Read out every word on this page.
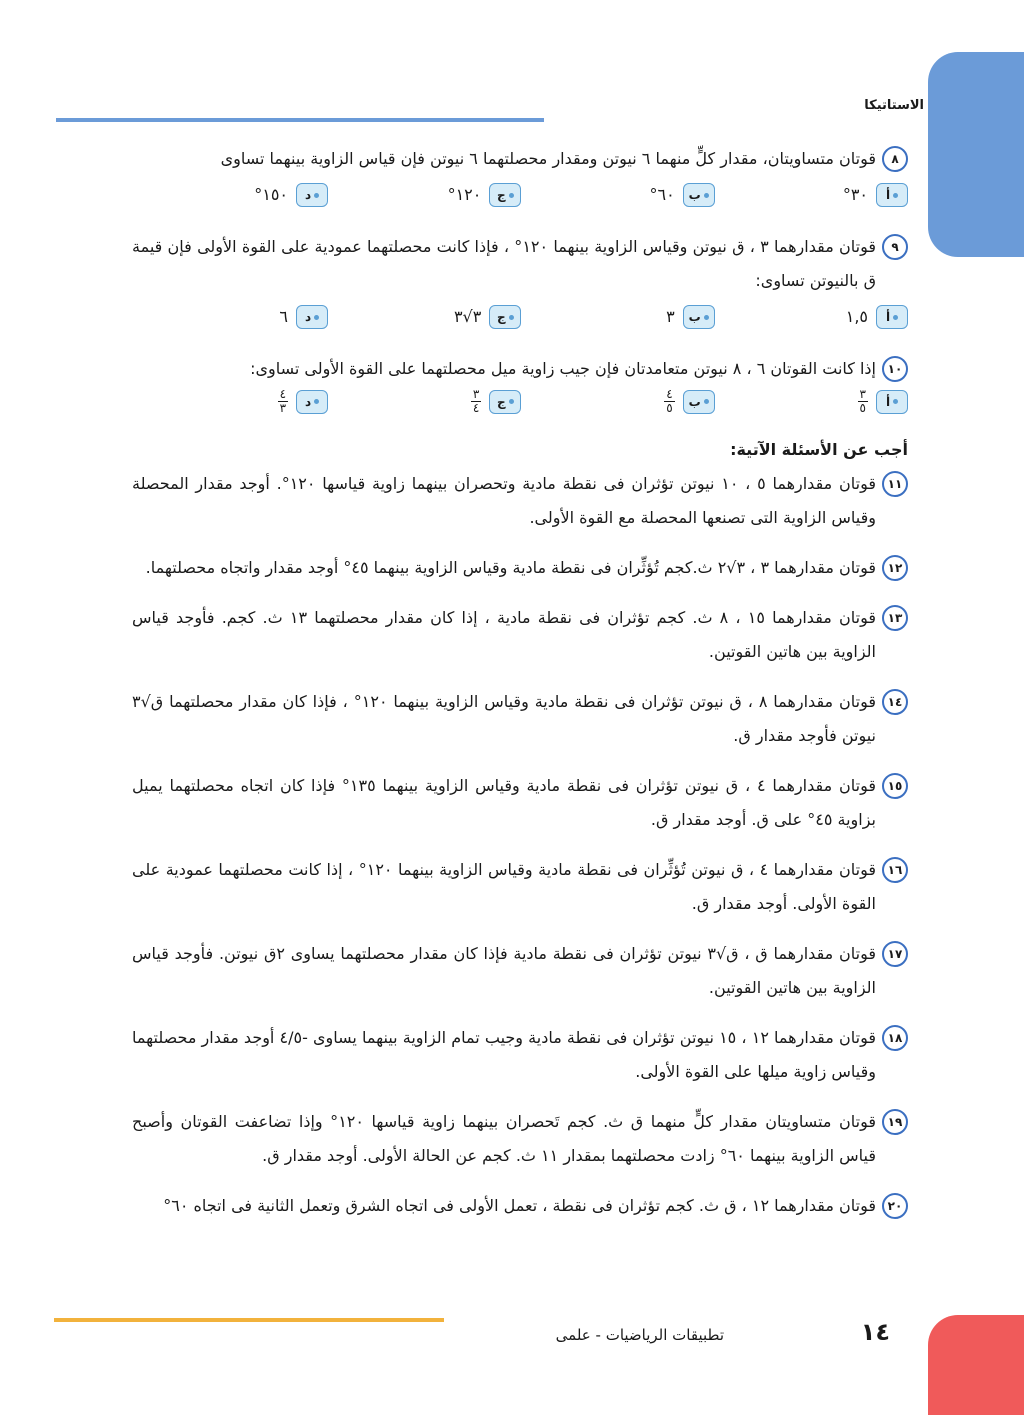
الاستاتيكا
٨
قوتان متساويتان، مقدار كلٍّ منهما ٦ نيوتن ومقدار محصلتهما ٦ نيوتن فإن قياس الزاوية بينهما تساوى
أ
٣٠°
ب
٦٠°
ج
١٢٠°
د
١٥٠°
٩
قوتان مقدارهما ٣ ، ق نيوتن وقياس الزاوية بينهما ١٢٠° ، فإذا كانت محصلتهما عمودية على القوة الأولى فإن قيمة ق بالنيوتن تساوى:
أ
١,٥
ب
٣
ج
٣√٣
د
٦
١٠
إذا كانت القوتان ٦ ، ٨ نيوتن متعامدتان فإن جيب زاوية ميل محصلتهما على القوة الأولى تساوى:
أ
$\frac{٣}{٥}$
ب
$\frac{٤}{٥}$
ج
$\frac{٣}{٤}$
د
$\frac{٤}{٣}$
أجب عن الأسئلة الآتية:
١١
قوتان مقدارهما ٥ ، ١٠ نيوتن تؤثران فى نقطة مادية وتحصران بينهما زاوية قياسها ١٢٠°. أوجد مقدار المحصلة وقياس الزاوية التى تصنعها المحصلة مع القوة الأولى.
١٢
قوتان مقدارهما ٣ ، ٣√٢ ث.كجم تُؤثِّران فى نقطة مادية وقياس الزاوية بينهما ٤٥° أوجد مقدار واتجاه محصلتهما.
١٣
قوتان مقدارهما ١٥ ، ٨ ث. كجم تؤثران فى نقطة مادية ، إذا كان مقدار محصلتهما ١٣ ث. كجم. فأوجد قياس الزاوية بين هاتين القوتين.
١٤
قوتان مقدارهما ٨ ، ق نيوتن تؤثران فى نقطة مادية وقياس الزاوية بينهما ١٢٠° ، فإذا كان مقدار محصلتهما ق√٣ نيوتن فأوجد مقدار ق.
١٥
قوتان مقدارهما ٤ ، ق نيوتن تؤثران فى نقطة مادية وقياس الزاوية بينهما ١٣٥° فإذا كان اتجاه محصلتهما يميل بزاوية ٤٥° على ق. أوجد مقدار ق.
١٦
قوتان مقدارهما ٤ ، ق نيوتن تُؤثِّران فى نقطة مادية وقياس الزاوية بينهما ١٢٠° ، إذا كانت محصلتهما عمودية على القوة الأولى. أوجد مقدار ق.
١٧
قوتان مقدارهما ق ، ق√٣ نيوتن تؤثران فى نقطة مادية فإذا كان مقدار محصلتهما يساوى ٢ق نيوتن. فأوجد قياس الزاوية بين هاتين القوتين.
١٨
قوتان مقدارهما ١٢ ، ١٥ نيوتن تؤثران فى نقطة مادية وجيب تمام الزاوية بينهما يساوى -٤/٥ أوجد مقدار محصلتهما وقياس زاوية ميلها على القوة الأولى.
١٩
قوتان متساويتان مقدار كلٍّ منهما ق ث. كجم تَحصران بينهما زاوية قياسها ١٢٠° وإذا تضاعفت القوتان وأصبح قياس الزاوية بينهما ٦٠° زادت محصلتهما بمقدار ١١ ث. كجم عن الحالة الأولى. أوجد مقدار ق.
٢٠
قوتان مقدارهما ١٢ ، ق ث. كجم تؤثران فى نقطة ، تعمل الأولى فى اتجاه الشرق وتعمل الثانية فى اتجاه ٦٠°
١٤
تطبيقات الرياضيات - علمى
